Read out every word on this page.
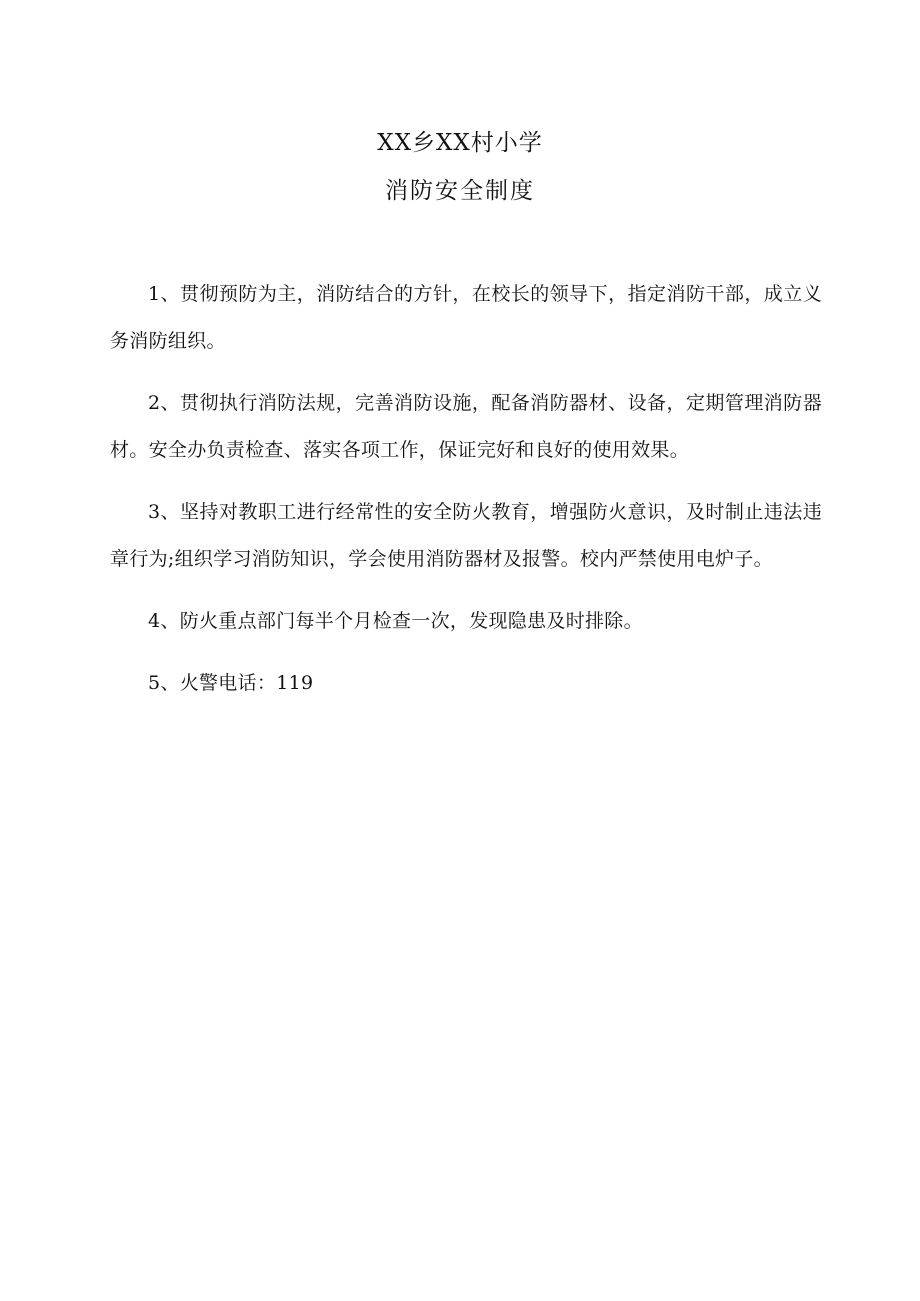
XX乡XX村小学
消防安全制度

1、贯彻预防为主，消防结合的方针，在校长的领导下，指定消防干部，成立义务消防组织。

2、贯彻执行消防法规，完善消防设施，配备消防器材、设备，定期管理消防器材。安全办负责检查、落实各项工作，保证完好和良好的使用效果。

3、坚持对教职工进行经常性的安全防火教育，增强防火意识，及时制止违法违章行为;组织学习消防知识，学会使用消防器材及报警。校内严禁使用电炉子。

4、防火重点部门每半个月检查一次，发现隐患及时排除。

5、火警电话：119
